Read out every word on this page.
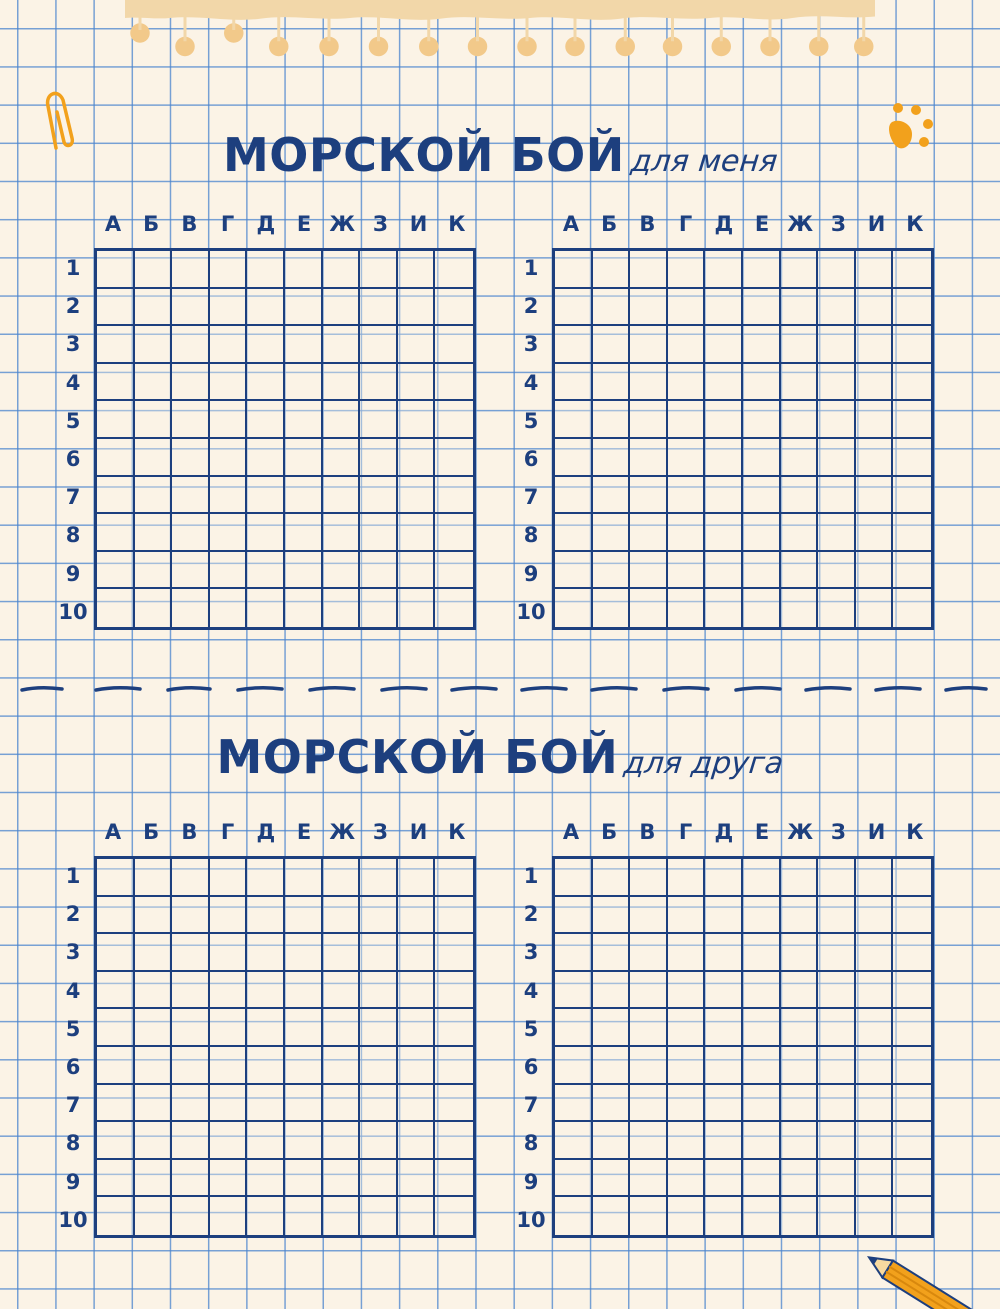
МОРСКОЙ БОЙ для меня
А	Б	В	Г	Д	Е Ж З	И К
1
2
3
4
5
6
7
8
9
10
А	Б	В	Г	Д	Е Ж З	И К
1
2
3
4
5
6
7
8
9
10
МОРСКОЙ БОЙ для друга
А	Б	В	Г	Д	Е Ж З	И К
1
2
3
4
5
6
7
8
9
10
А	Б	В	Г	Д	Е Ж З	И К
1
2
3
4
5
6
7
8
9
10
